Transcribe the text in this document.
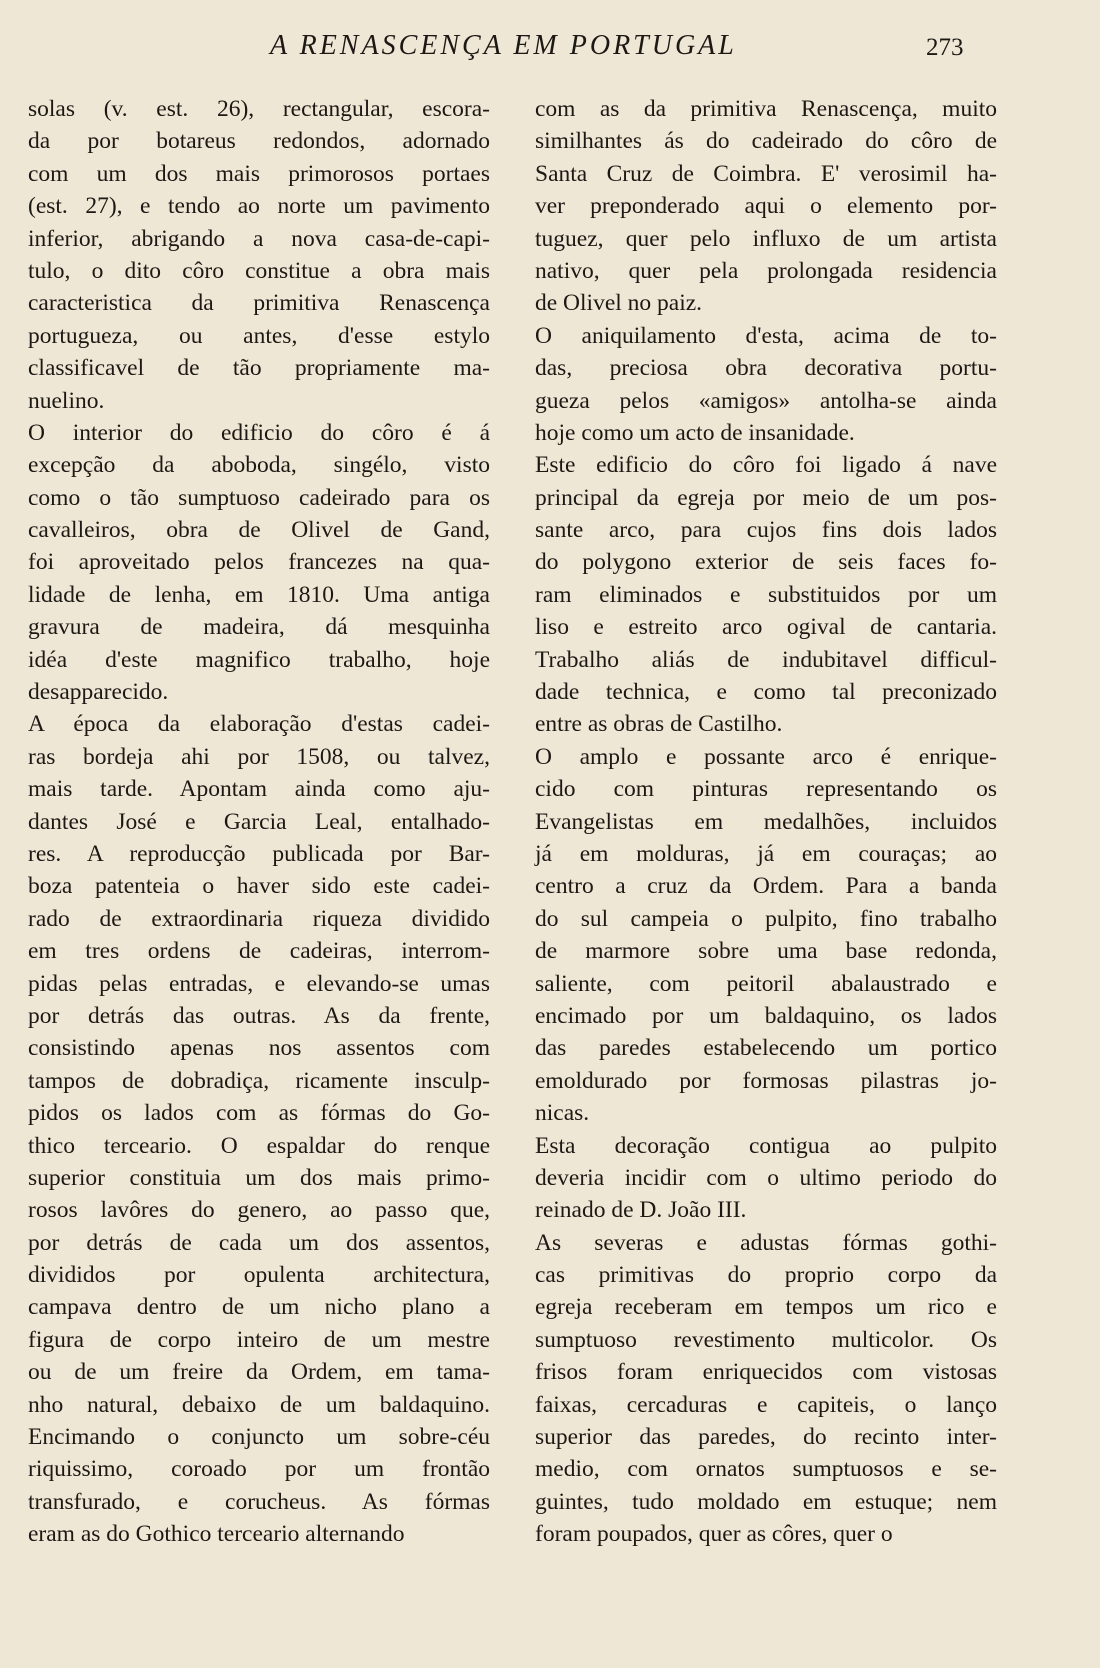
A RENASCENÇA EM PORTUGAL	273
solas (v. est. 26), rectangular, escora-
da por botareus redondos, adornado
com um dos mais primorosos portaes
(est. 27), e tendo ao norte um pavimento
inferior, abrigando a nova casa-de-capi-
tulo, o dito côro constitue a obra mais
caracteristica da primitiva Renascença
portugueza, ou antes, d'esse estylo
classificavel de tão propriamente ma-
nuelino.
O interior do edificio do côro é á
excepção da aboboda, singélo, visto
como o tão sumptuoso cadeirado para os
cavalleiros, obra de Olivel de Gand,
foi aproveitado pelos francezes na qua-
lidade de lenha, em 1810. Uma antiga
gravura de madeira, dá mesquinha
idéa d'este magnifico trabalho, hoje
desapparecido.
A época da elaboração d'estas cadei-
ras bordeja ahi por 1508, ou talvez,
mais tarde. Apontam ainda como aju-
dantes José e Garcia Leal, entalhado-
res. A reproducção publicada por Bar-
boza patenteia o haver sido este cadei-
rado de extraordinaria riqueza dividido
em tres ordens de cadeiras, interrom-
pidas pelas entradas, e elevando-se umas
por detrás das outras. As da frente,
consistindo apenas nos assentos com
tampos de dobradiça, ricamente insculp-
pidos os lados com as fórmas do Go-
thico terceario. O espaldar do renque
superior constituia um dos mais primo-
rosos lavôres do genero, ao passo que,
por detrás de cada um dos assentos,
divididos por opulenta architectura,
campava dentro de um nicho plano a
figura de corpo inteiro de um mestre
ou de um freire da Ordem, em tama-
nho natural, debaixo de um baldaquino.
Encimando o conjuncto um sobre-céu
riquissimo, coroado por um frontão
transfurado, e corucheus. As fórmas
eram as do Gothico terceario alternando
com as da primitiva Renascença, muito
similhantes ás do cadeirado do côro de
Santa Cruz de Coimbra. E' verosimil ha-
ver preponderado aqui o elemento por-
tuguez, quer pelo influxo de um artista
nativo, quer pela prolongada residencia
de Olivel no paiz.
O aniquilamento d'esta, acima de to-
das, preciosa obra decorativa portu-
gueza pelos «amigos» antolha-se ainda
hoje como um acto de insanidade.
Este edificio do côro foi ligado á nave
principal da egreja por meio de um pos-
sante arco, para cujos fins dois lados
do polygono exterior de seis faces fo-
ram eliminados e substituidos por um
liso e estreito arco ogival de cantaria.
Trabalho aliás de indubitavel difficul-
dade technica, e como tal preconizado
entre as obras de Castilho.
O amplo e possante arco é enrique-
cido com pinturas representando os
Evangelistas em medalhões, incluidos
já em molduras, já em couraças; ao
centro a cruz da Ordem. Para a banda
do sul campeia o pulpito, fino trabalho
de marmore sobre uma base redonda,
saliente, com peitoril abalaustrado e
encimado por um baldaquino, os lados
das paredes estabelecendo um portico
emoldurado por formosas pilastras jo-
nicas.
Esta decoração contigua ao pulpito
deveria incidir com o ultimo periodo do
reinado de D. João III.
As severas e adustas fórmas gothi-
cas primitivas do proprio corpo da
egreja receberam em tempos um rico e
sumptuoso revestimento multicolor. Os
frisos foram enriquecidos com vistosas
faixas, cercaduras e capiteis, o lanço
superior das paredes, do recinto inter-
medio, com ornatos sumptuosos e se-
guintes, tudo moldado em estuque; nem
foram poupados, quer as côres, quer o
